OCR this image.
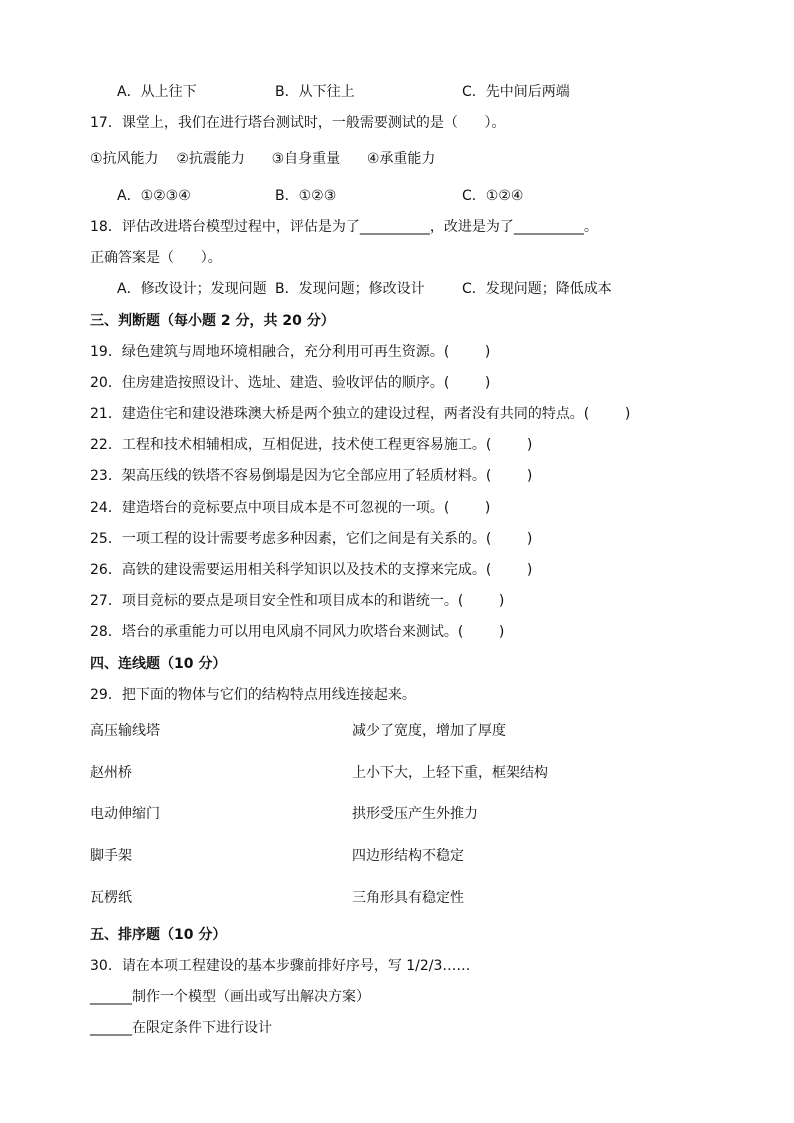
A．从上往下	B．从下往上	C．先中间后两端
17．课堂上，我们在进行塔台测试时，一般需要测试的是（      ）。
①抗风能力    ②抗震能力      ③自身重量      ④承重能力
A．①②③④	B．①②③	C．①②④
18．评估改进塔台模型过程中，评估是为了__________，改进是为了__________。
正确答案是（      ）。
A．修改设计；发现问题 B．发现问题；修改设计	C．发现问题；降低成本
三、判断题（每小题 2 分，共 20 分）
19．绿色建筑与周地环境相融合，充分利用可再生资源。(        )
20．住房建造按照设计、选址、建造、验收评估的顺序。(        )
21．建造住宅和建设港珠澳大桥是两个独立的建设过程，两者没有共同的特点。(        )
22．工程和技术相辅相成，互相促进，技术使工程更容易施工。(        )
23．架高压线的铁塔不容易倒塌是因为它全部应用了轻质材料。(        )
24．建造塔台的竞标要点中项目成本是不可忽视的一项。(        )
25．一项工程的设计需要考虑多种因素，它们之间是有关系的。(        )
26．高铁的建设需要运用相关科学知识以及技术的支撑来完成。(        )
27．项目竞标的要点是项目安全性和项目成本的和谐统一。(        )
28．塔台的承重能力可以用电风扇不同风力吹塔台来测试。(        )
四、连线题（10 分）
29．把下面的物体与它们的结构特点用线连接起来。
高压输线塔	减少了宽度，增加了厚度
赵州桥	上小下大，上轻下重，框架结构
电动伸缩门	拱形受压产生外推力
脚手架	四边形结构不稳定
瓦楞纸	三角形具有稳定性
五、排序题（10 分）
30．请在本项工程建设的基本步骤前排好序号，写 1/2/3……
______制作一个模型（画出或写出解决方案）
______在限定条件下进行设计
